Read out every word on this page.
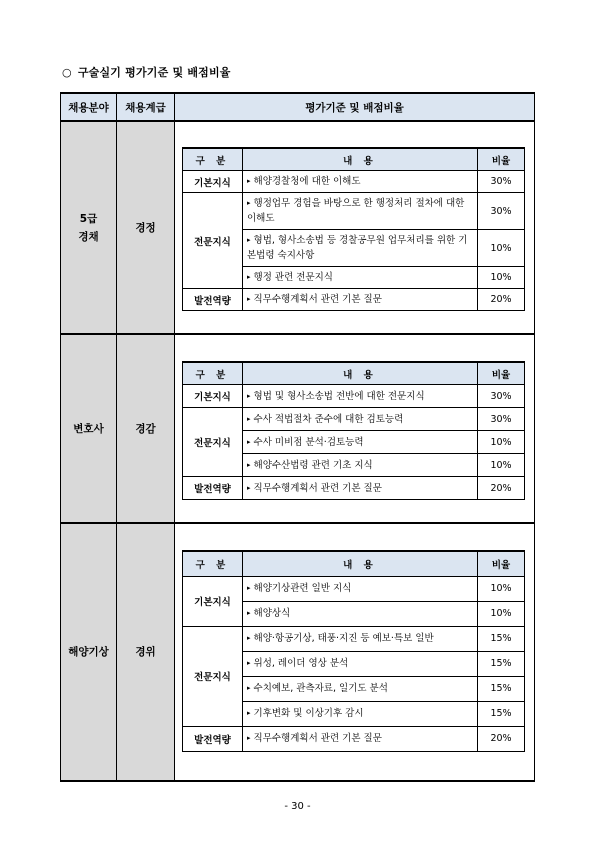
○ 구술실기 평가기준 및 배점비율
채용분야	채용계급	평가기준 및 배점비율

5급
경채
	경정	
구 분	내 용	비율
기본지식	▸ 해양경찰청에 대한 이해도	30%
전문지식	▸ 행정업무 경험을 바탕으로 한 행정처리 절차에 대한 이해도	30%
▸ 형법, 형사소송법 등 경찰공무원 업무처리를 위한 기본법령 숙지사항	10%
▸ 행정 관련 전문지식	10%
발전역량	▸ 직무수행계획서 관련 기본 질문	20%

변호사	경감	
구 분	내 용	비율
기본지식	▸ 형법 및 형사소송법 전반에 대한 전문지식	30%
전문지식	▸ 수사 적법절차 준수에 대한 검토능력	30%
▸ 수사 미비점 분석·검토능력	10%
▸ 해양수산법령 관련 기초 지식	10%
발전역량	▸ 직무수행계획서 관련 기본 질문	20%

해양기상	경위	
구 분	내 용	비율
기본지식	▸ 해양기상관련 일반 지식	10%
▸ 해양상식	10%
전문지식	▸ 해양·항공기상, 태풍·지진 등 예보·특보 일반	15%
▸ 위성, 레이더 영상 분석	15%
▸ 수치예보, 관측자료, 일기도 분석	15%
▸ 기후변화 및 이상기후 감시	15%
발전역량	▸ 직무수행계획서 관련 기본 질문	20%
- 30 -
